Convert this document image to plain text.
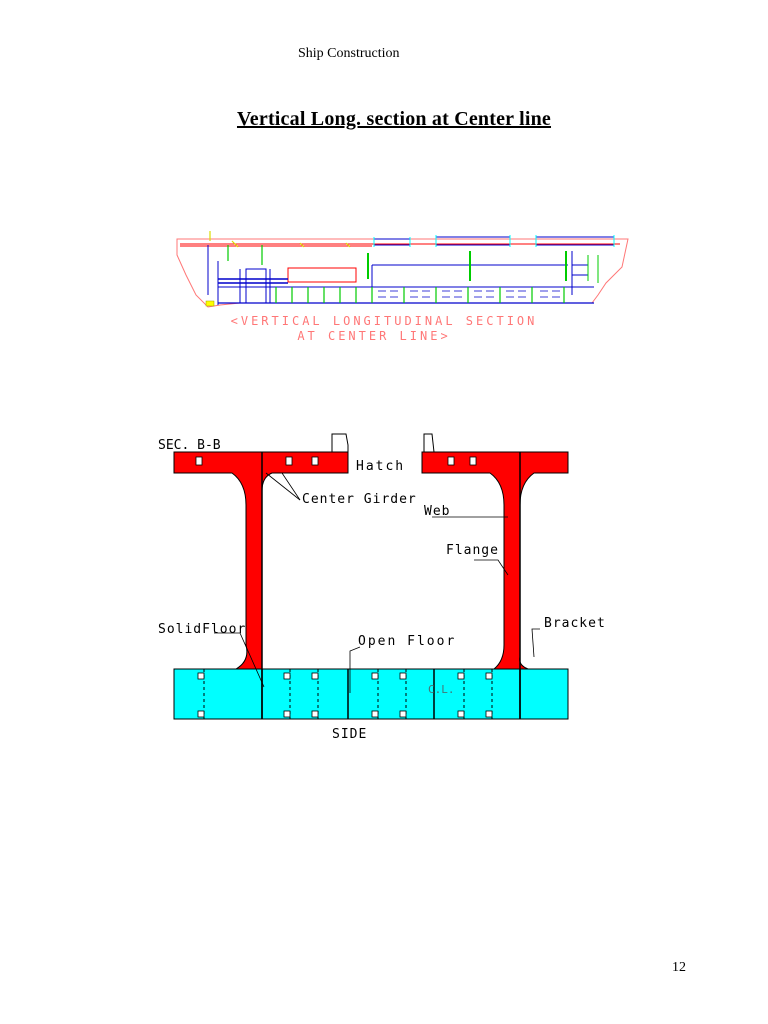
Ship Construction
Vertical Long. section at Center line
<VERTICAL LONGITUDINAL SECTION
AT CENTER LINE>
SEC. B-B
Hatch
Center Girder
Web
Flange
SolidFloor
Open Floor
Bracket
C.L.
SIDE
12
